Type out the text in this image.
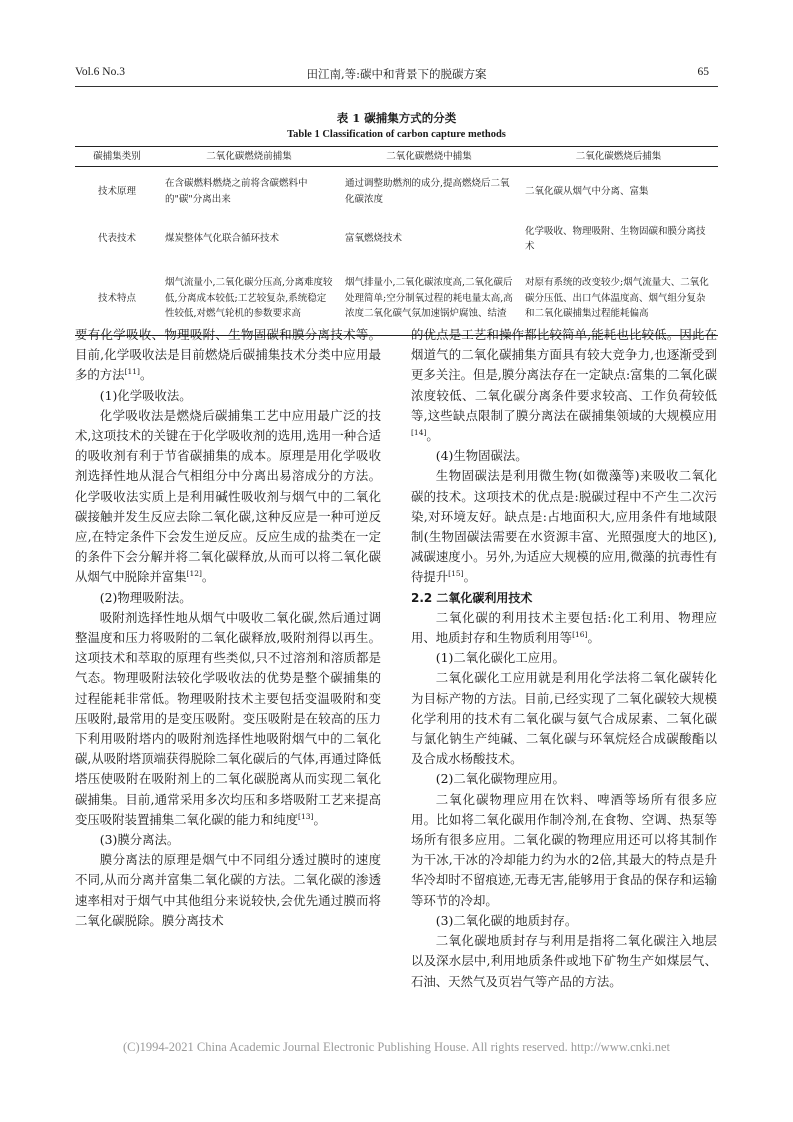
Vol.6 No.3	田江南,等:碳中和背景下的脱碳方案	65
表 1 碳捕集方式的分类
Table 1 Classification of carbon capture methods
碳捕集类别	二氧化碳燃烧前捕集	二氧化碳燃烧中捕集	二氧化碳燃烧后捕集
技术原理	在含碳燃料燃烧之前将含碳燃料中的"碳"分离出来	通过调整助燃剂的成分,提高燃烧后二氧化碳浓度	二氧化碳从烟气中分离、富集
代表技术	煤炭整体气化联合循环技术	富氧燃烧技术	化学吸收、物理吸附、生物固碳和膜分离技术
技术特点	烟气流量小,二氧化碳分压高,分离难度较低,分离成本较低;工艺较复杂,系统稳定性较低,对燃气轮机的参数要求高	烟气排量小,二氧化碳浓度高,二氧化碳后处理简单;空分制氧过程的耗电量太高,高浓度二氧化碳气氛加速锅炉腐蚀、结渣	对原有系统的改变较少;烟气流量大、二氧化碳分压低、出口气体温度高、烟气组分复杂和二氧化碳捕集过程能耗偏高

要有化学吸收、物理吸附、生物固碳和膜分离技术等。目前,化学吸收法是目前燃烧后碳捕集技术分类中应用最多的方法[11]。

(1)化学吸收法。

化学吸收法是燃烧后碳捕集工艺中应用最广泛的技术,这项技术的关键在于化学吸收剂的选用,选用一种合适的吸收剂有利于节省碳捕集的成本。原理是用化学吸收剂选择性地从混合气相组分中分离出易溶成分的方法。化学吸收法实质上是利用碱性吸收剂与烟气中的二氧化碳接触并发生反应去除二氧化碳,这种反应是一种可逆反应,在特定条件下会发生逆反应。反应生成的盐类在一定的条件下会分解并将二氧化碳释放,从而可以将二氧化碳从烟气中脱除并富集[12]。

(2)物理吸附法。

吸附剂选择性地从烟气中吸收二氧化碳,然后通过调整温度和压力将吸附的二氧化碳释放,吸附剂得以再生。这项技术和萃取的原理有些类似,只不过溶剂和溶质都是气态。物理吸附法较化学吸收法的优势是整个碳捕集的过程能耗非常低。物理吸附技术主要包括变温吸附和变压吸附,最常用的是变压吸附。变压吸附是在较高的压力下利用吸附塔内的吸附剂选择性地吸附烟气中的二氧化碳,从吸附塔顶端获得脱除二氧化碳后的气体,再通过降低塔压使吸附在吸附剂上的二氧化碳脱离从而实现二氧化碳捕集。目前,通常采用多次均压和多塔吸附工艺来提高变压吸附装置捕集二氧化碳的能力和纯度[13]。

(3)膜分离法。

膜分离法的原理是烟气中不同组分透过膜时的速度不同,从而分离并富集二氧化碳的方法。二氧化碳的渗透速率相对于烟气中其他组分来说较快,会优先通过膜而将二氧化碳脱除。膜分离技术

的优点是工艺和操作都比较简单,能耗也比较低。因此在烟道气的二氧化碳捕集方面具有较大竞争力,也逐渐受到更多关注。但是,膜分离法存在一定缺点:富集的二氧化碳浓度较低、二氧化碳分离条件要求较高、工作负荷较低等,这些缺点限制了膜分离法在碳捕集领域的大规模应用[14]。

(4)生物固碳法。

生物固碳法是利用微生物(如微藻等)来吸收二氧化碳的技术。这项技术的优点是:脱碳过程中不产生二次污染,对环境友好。缺点是:占地面积大,应用条件有地域限制(生物固碳法需要在水资源丰富、光照强度大的地区),减碳速度小。另外,为适应大规模的应用,微藻的抗毒性有待提升[15]。

2.2 二氧化碳利用技术

二氧化碳的利用技术主要包括:化工利用、物理应用、地质封存和生物质利用等[16]。

(1)二氧化碳化工应用。

二氧化碳化工应用就是利用化学法将二氧化碳转化为目标产物的方法。目前,已经实现了二氧化碳较大规模化学利用的技术有二氧化碳与氨气合成尿素、二氧化碳与氯化钠生产纯碱、二氧化碳与环氧烷烃合成碳酸酯以及合成水杨酸技术。

(2)二氧化碳物理应用。

二氧化碳物理应用在饮料、啤酒等场所有很多应用。比如将二氧化碳用作制冷剂,在食物、空调、热泵等场所有很多应用。二氧化碳的物理应用还可以将其制作为干冰,干冰的冷却能力约为水的2倍,其最大的特点是升华冷却时不留痕迹,无毒无害,能够用于食品的保存和运输等环节的冷却。

(3)二氧化碳的地质封存。

二氧化碳地质封存与利用是指将二氧化碳注入地层以及深水层中,利用地质条件或地下矿物生产如煤层气、石油、天然气及页岩气等产品的方法。

(C)1994-2021 China Academic Journal Electronic Publishing House. All rights reserved. http://www.cnki.net
